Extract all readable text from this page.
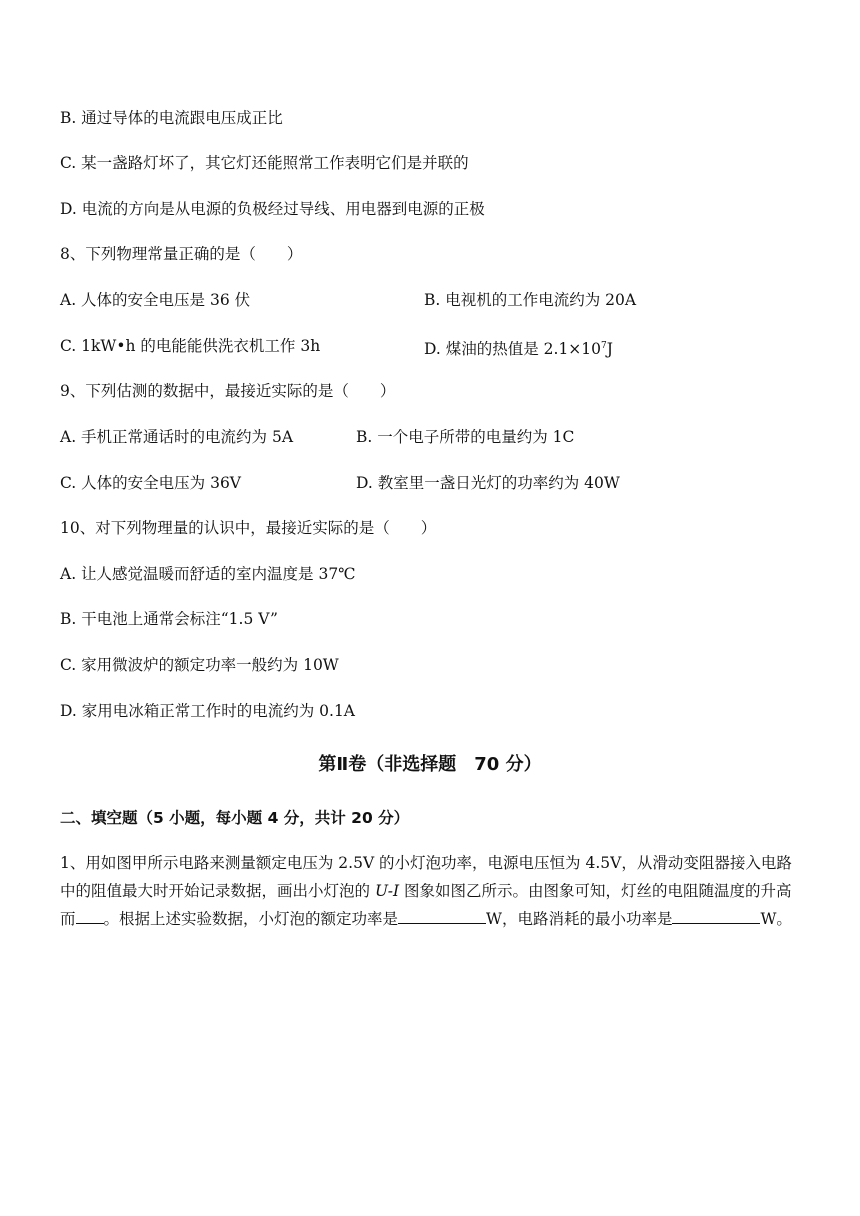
B. 通过导体的电流跟电压成正比
C. 某一盏路灯坏了，其它灯还能照常工作表明它们是并联的
D. 电流的方向是从电源的负极经过导线、用电器到电源的正极
8、下列物理常量正确的是（　　）
A. 人体的安全电压是 36 伏	B. 电视机的工作电流约为 20A
C. 1kW•h 的电能能供洗衣机工作 3h	D. 煤油的热值是 $2.1\times 10^7J$
9、下列估测的数据中，最接近实际的是（　　）
A. 手机正常通话时的电流约为 5A	B. 一个电子所带的电量约为 1C
C. 人体的安全电压为 36V	D. 教室里一盏日光灯的功率约为 40W
10、对下列物理量的认识中，最接近实际的是（　　）
A. 让人感觉温暖而舒适的室内温度是 37℃
B. 干电池上通常会标注“1.5 V”
C. 家用微波炉的额定功率一般约为 10W
D. 家用电冰箱正常工作时的电流约为 0.1A
第Ⅱ卷（非选择题　70 分）
二、填空题（5 小题，每小题 4 分，共计 20 分）
1、用如图甲所示电路来测量额定电压为 2.5V 的小灯泡功率，电源电压恒为 4.5V，从滑动变阻器接入电路中的阻值最大时开始记录数据，画出小灯泡的 U-I 图象如图乙所示。由图象可知，灯丝的电阻随温度的升高而 。根据上述实验数据，小灯泡的额定功率是	W，电路消耗的最小功率是	W。
